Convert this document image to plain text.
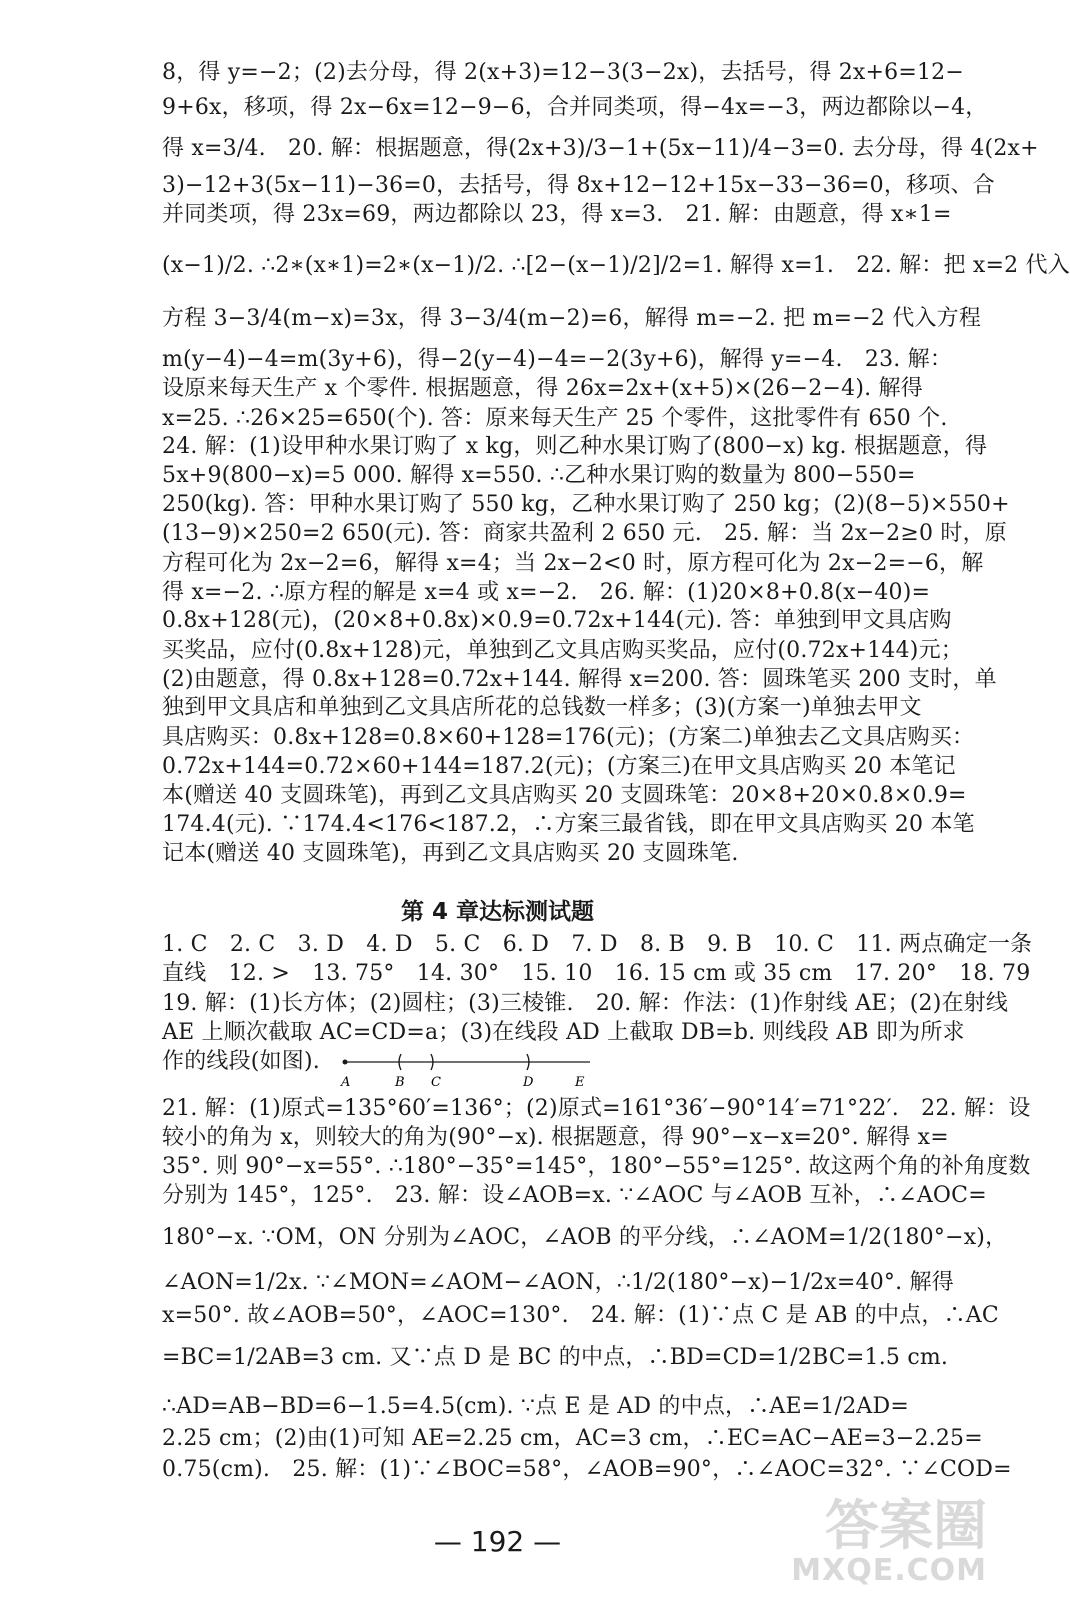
8，得 y=−2；(2)去分母，得 2(x+3)=12−3(3−2x)，去括号，得 2x+6=12−
9+6x，移项，得 2x−6x=12−9−6，合并同类项，得−4x=−3，两边都除以−4，
得 x=3/4.　20. 解：根据题意，得(2x+3)/3−1+(5x−11)/4−3=0. 去分母，得 4(2x+
3)−12+3(5x−11)−36=0，去括号，得 8x+12−12+15x−33−36=0，移项、合
并同类项，得 23x=69，两边都除以 23，得 x=3.　21. 解：由题意，得 x∗1=
(x−1)/2. ∴2∗(x∗1)=2∗(x−1)/2. ∴[2−(x−1)/2]/2=1. 解得 x=1.　22. 解：把 x=2 代入
方程 3−3/4(m−x)=3x，得 3−3/4(m−2)=6，解得 m=−2. 把 m=−2 代入方程
m(y−4)−4=m(3y+6)，得−2(y−4)−4=−2(3y+6)，解得 y=−4.　23. 解：
设原来每天生产 x 个零件. 根据题意，得 26x=2x+(x+5)×(26−2−4). 解得
x=25. ∴26×25=650(个). 答：原来每天生产 25 个零件，这批零件有 650 个.
24. 解：(1)设甲种水果订购了 x kg，则乙种水果订购了(800−x) kg. 根据题意，得
5x+9(800−x)=5 000. 解得 x=550. ∴乙种水果订购的数量为 800−550=
250(kg). 答：甲种水果订购了 550 kg，乙种水果订购了 250 kg；(2)(8−5)×550+
(13−9)×250=2 650(元). 答：商家共盈利 2 650 元.　25. 解：当 2x−2≥0 时，原
方程可化为 2x−2=6，解得 x=4；当 2x−2<0 时，原方程可化为 2x−2=−6，解
得 x=−2. ∴原方程的解是 x=4 或 x=−2.　26. 解：(1)20×8+0.8(x−40)=
0.8x+128(元)，(20×8+0.8x)×0.9=0.72x+144(元). 答：单独到甲文具店购
买奖品，应付(0.8x+128)元，单独到乙文具店购买奖品，应付(0.72x+144)元；
(2)由题意，得 0.8x+128=0.72x+144. 解得 x=200. 答：圆珠笔买 200 支时，单
独到甲文具店和单独到乙文具店所花的总钱数一样多；(3)(方案一)单独去甲文
具店购买：0.8x+128=0.8×60+128=176(元)；(方案二)单独去乙文具店购买：
0.72x+144=0.72×60+144=187.2(元)；(方案三)在甲文具店购买 20 本笔记
本(赠送 40 支圆珠笔)，再到乙文具店购买 20 支圆珠笔：20×8+20×0.8×0.9=
174.4(元). ∵174.4<176<187.2，∴方案三最省钱，即在甲文具店购买 20 本笔
记本(赠送 40 支圆珠笔)，再到乙文具店购买 20 支圆珠笔.
第 4 章达标测试题
1. C　2. C　3. D　4. D　5. C　6. D　7. D　8. B　9. B　10. C　11. 两点确定一条
直线　12. >　13. 75°　14. 30°　15. 10　16. 15 cm 或 35 cm　17. 20°　18. 79
19. 解：(1)长方体；(2)圆柱；(3)三棱锥.　20. 解：作法：(1)作射线 AE；(2)在射线
AE 上顺次截取 AC=CD=a；(3)在线段 AD 上截取 DB=b. 则线段 AB 即为所求
作的线段(如图).
A	B C	D	E
21. 解：(1)原式=135°60′=136°；(2)原式=161°36′−90°14′=71°22′.　22. 解：设
较小的角为 x，则较大的角为(90°−x). 根据题意，得 90°−x−x=20°. 解得 x=
35°. 则 90°−x=55°. ∴180°−35°=145°，180°−55°=125°. 故这两个角的补角度数
分别为 145°，125°.　23. 解：设∠AOB=x. ∵∠AOC 与∠AOB 互补，∴∠AOC=
180°−x. ∵OM，ON 分别为∠AOC，∠AOB 的平分线，∴∠AOM=1/2(180°−x)，
∠AON=1/2x. ∵∠MON=∠AOM−∠AON，∴1/2(180°−x)−1/2x=40°. 解得
x=50°. 故∠AOB=50°，∠AOC=130°.　24. 解：(1)∵点 C 是 AB 的中点，∴AC
=BC=1/2AB=3 cm. 又∵点 D 是 BC 的中点，∴BD=CD=1/2BC=1.5 cm.
∴AD=AB−BD=6−1.5=4.5(cm). ∵点 E 是 AD 的中点，∴AE=1/2AD=
2.25 cm；(2)由(1)可知 AE=2.25 cm，AC=3 cm，∴EC=AC−AE=3−2.25=
0.75(cm).　25. 解：(1)∵∠BOC=58°，∠AOB=90°，∴∠AOC=32°. ∵∠COD=
— 192 —	答案圈
MXQE.COM
